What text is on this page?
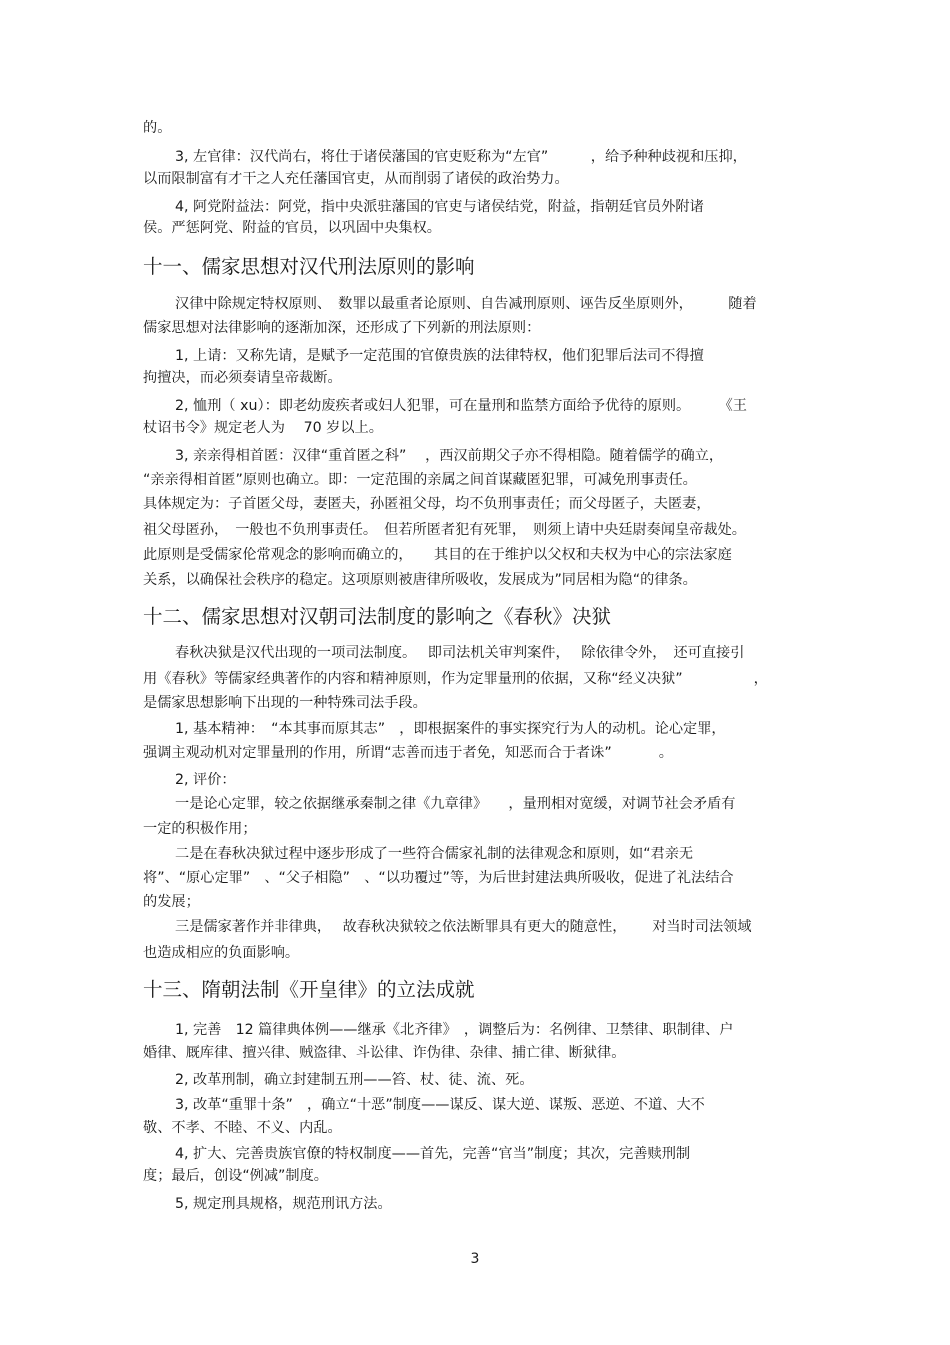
的。
3, 左官律：汉代尚右，将仕于诸侯藩国的官吏贬称为“左官”　　　，给予种种歧视和压抑，
以而限制富有才干之人充任藩国官吏，从而削弱了诸侯的政治势力。
4, 阿党附益法：阿党，指中央派驻藩国的官吏与诸侯结党，附益，指朝廷官员外附诸
侯。严惩阿党、附益的官员，以巩固中央集权。
十一、儒家思想对汉代刑法原则的影响
汉律中除规定特权原则、　数罪以最重者论原则、自告减刑原则、诬告反坐原则外，　　　随着
儒家思想对法律影响的逐渐加深，还形成了下列新的刑法原则：
1, 上请：又称先请，是赋予一定范围的官僚贵族的法律特权，他们犯罪后法司不得擅
拘擅决，而必须奏请皇帝裁断。
2, 恤刑（ xu）：即老幼废疾者或妇人犯罪，可在量刑和监禁方面给予优待的原则。　　　《王
杖诏书令》规定老人为　 70 岁以上。
3, 亲亲得相首匿：汉律“重首匿之科”　 ，西汉前期父子亦不得相隐。随着儒学的确立，
“亲亲得相首匿”原则也确立。即：一定范围的亲属之间首谋藏匿犯罪，可减免刑事责任。
具体规定为：子首匿父母，妻匿夫，孙匿祖父母，均不负刑事责任；而父母匿子，夫匿妻，
祖父母匿孙，　一般也不负刑事责任。　但若所匿者犯有死罪，　则须上请中央廷尉奏闻皇帝裁处。
此原则是受儒家伦常观念的影响而确立的，　　其目的在于维护以父权和夫权为中心的宗法家庭
关系，以确保社会秩序的稳定。这项原则被唐律所吸收，发展成为”同居相为隐“的律条。
十二、儒家思想对汉朝司法制度的影响之《春秋》决狱
春秋决狱是汉代出现的一项司法制度。　 即司法机关审判案件，　 除依律令外，　还可直接引
用《春秋》等儒家经典著作的内容和精神原则，作为定罪量刑的依据，又称“经义决狱”　　　　　，
是儒家思想影响下出现的一种特殊司法手段。
1, 基本精神：　“本其事而原其志”　，即根据案件的事实探究行为人的动机。论心定罪，
强调主观动机对定罪量刑的作用，所谓“志善而违于者免，知恶而合于者诛”　　　 。
2, 评价：
一是论心定罪，较之依据继承秦制之律《九章律》　　，量刑相对宽缓，对调节社会矛盾有
一定的积极作用；
二是在春秋决狱过程中逐步形成了一些符合儒家礼制的法律观念和原则，如“君亲无
将”、“原心定罪”　、“父子相隐”　、“以功覆过”等，为后世封建法典所吸收，促进了礼法结合
的发展；
三是儒家著作并非律典，　 故春秋决狱较之依法断罪具有更大的随意性，　　 对当时司法领域
也造成相应的负面影响。
十三、隋朝法制《开皇律》的立法成就
1, 完善　12 篇律典体例——继承《北齐律》　，调整后为：名例律、卫禁律、职制律、户
婚律、厩库律、擅兴律、贼盗律、斗讼律、诈伪律、杂律、捕亡律、断狱律。
2, 改革刑制，确立封建制五刑——笞、杖、徒、流、死。
3, 改革“重罪十条”　，确立“十恶”制度——谋反、谋大逆、谋叛、恶逆、不道、大不
敬、不孝、不睦、不义、内乱。
4, 扩大、完善贵族官僚的特权制度——首先，完善“官当”制度；其次，完善赎刑制
度；最后，创设“例减”制度。
5, 规定刑具规格，规范刑讯方法。
3
